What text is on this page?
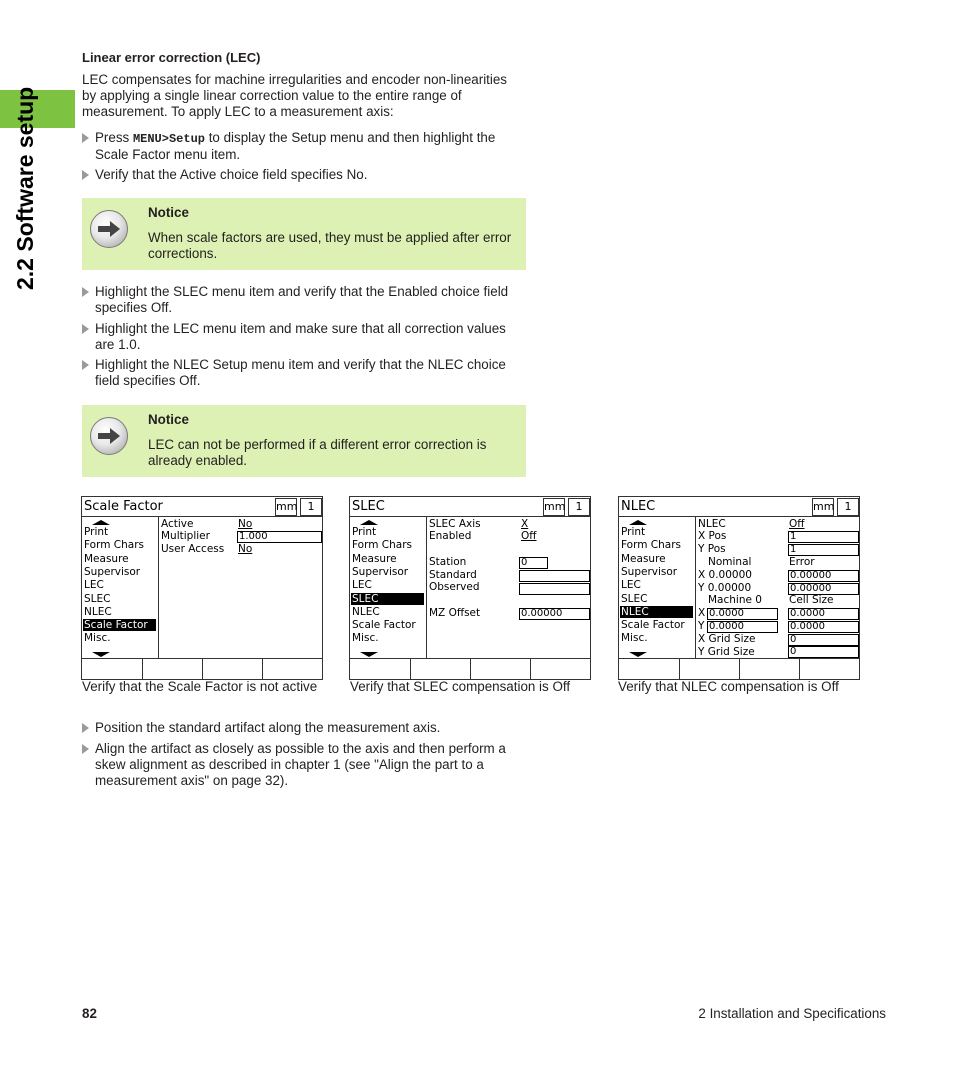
2.2 Software setup
Linear error correction (LEC)
LEC compensates for machine irregularities and encoder non-linearities by applying a single linear correction value to the entire range of measurement. To apply LEC to a measurement axis:
Press MENU>Setup to display the Setup menu and then highlight the Scale Factor menu item.
Verify that the Active choice field specifies No.
Notice
When scale factors are used, they must be applied after error corrections.
Highlight the SLEC menu item and verify that the Enabled choice field specifies Off.
Highlight the LEC menu item and make sure that all correction values are 1.0.
Highlight the NLEC Setup menu item and verify that the NLEC choice field specifies Off.
Notice
LEC can not be performed if a different error correction is already enabled.
Scale Factor	mm 1
Print
Form Chars
Measure
Supervisor
LEC
SLEC
NLEC
Scale Factor
Misc.
Active	No
Multiplier	1.000
User Access No
Verify that the Scale Factor is not active
SLEC	mm 1
Print
Form Chars
Measure
Supervisor
LEC
SLEC
NLEC
Scale Factor
Misc.
SLEC Axis	X
Enabled	Off
Station	0
Standard
Observed
MZ Offset	0.00000
Verify that SLEC compensation is Off
NLEC	mm 1
Print
Form Chars
Measure
Supervisor
LEC
SLEC
NLEC
Scale Factor
Misc.
NLEC	Off
X Pos	1
Y Pos	1
Nominal	Error
X 0.00000	0.00000
Y 0.00000	0.00000
Machine 0	Cell Size
X 0.0000	0.0000
Y 0.0000	0.0000
X Grid Size	0
Y Grid Size	0
Verify that NLEC compensation is Off
Position the standard artifact along the measurement axis.
Align the artifact as closely as possible to the axis and then perform a skew alignment as described in chapter 1 (see "Align the part to a measurement axis" on page 32).
82	2 Installation and Specifications
